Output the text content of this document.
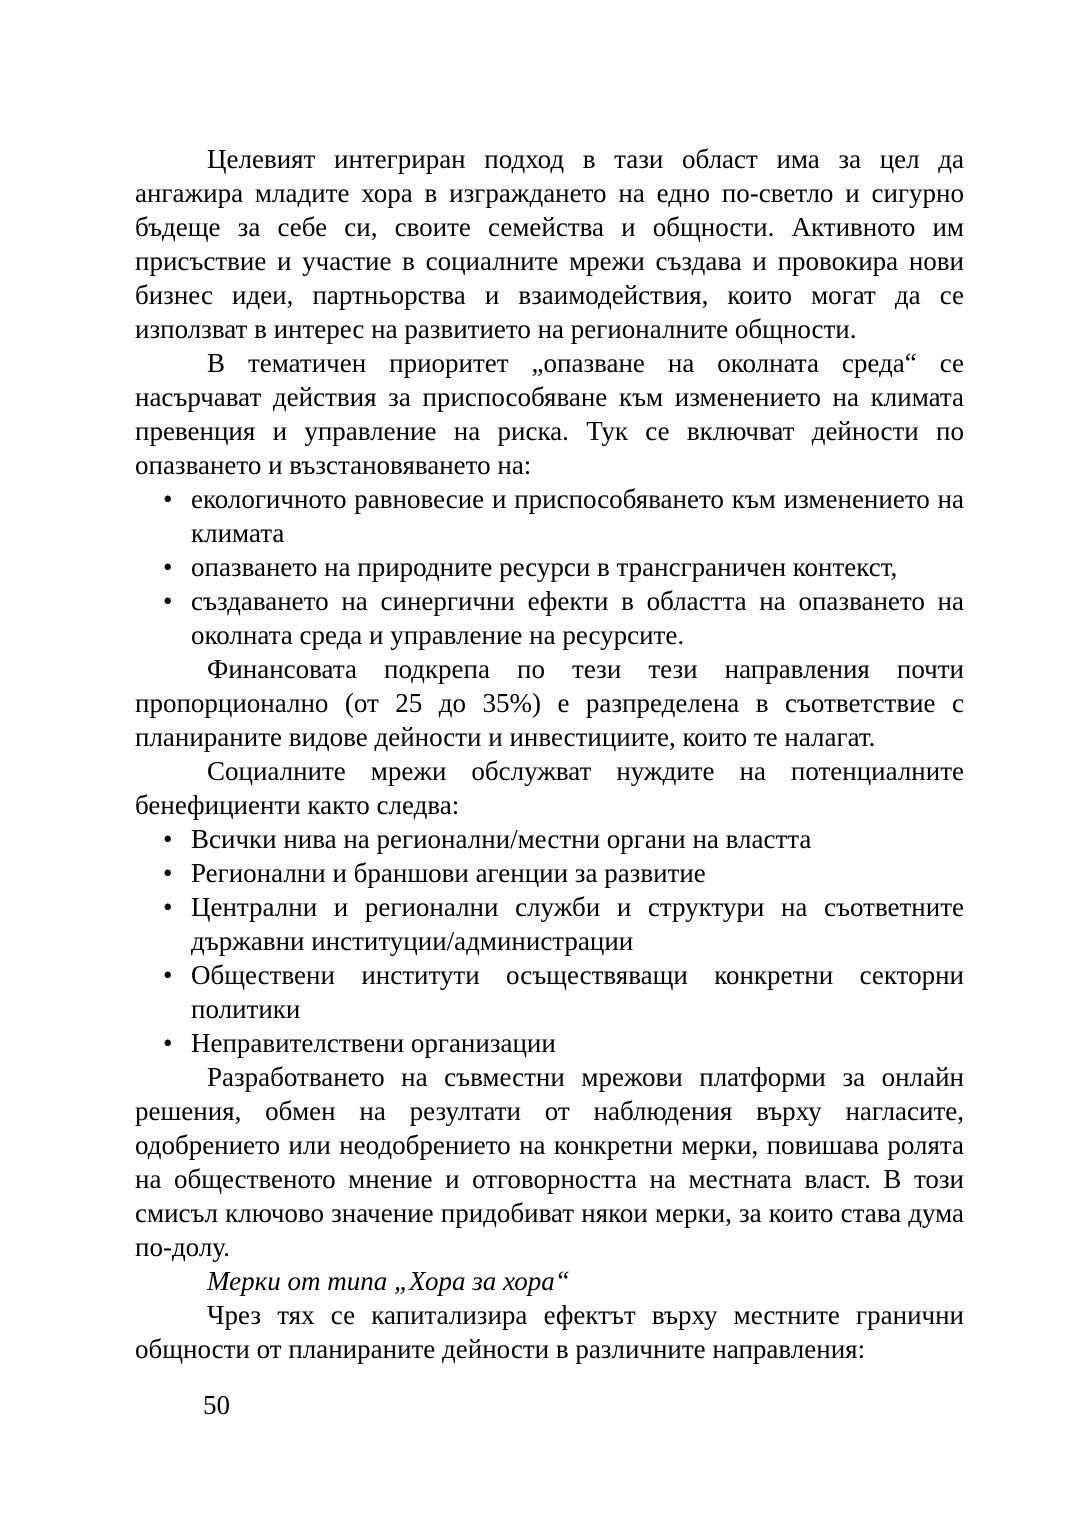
Целевият интегриран подход в тази област има за цел да ангажира младите хора в изграждането на едно по-светло и сигурно бъдеще за себе си, своите семейства и общности. Активното им присъствие и участие в социалните мрежи създава и провокира нови бизнес идеи, партньорства и взаимодействия, които могат да се използват в интерес на развитието на регионалните общности.

В тематичен приоритет „опазване на околната среда“ се насърчават действия за приспособяване към изменението на климата превенция и управление на риска. Тук се включват дейности по опазването и възстановяването на:

• екологичното равновесие и приспособяването към изменението на климата
• опазването на природните ресурси в трансграничен контекст,
• създаването на синергични ефекти в областта на опазването на околната среда и управление на ресурсите.

Финансовата подкрепа по тези тези направления почти пропорционално (от 25 до 35%) е разпределена в съответствие с планираните видове дейности и инвестициите, които те налагат.

Социалните мрежи обслужват нуждите на потенциалните бенефициенти както следва:

• Всички нива на регионални/местни органи на властта
• Регионални и браншови агенции за развитие
• Централни и регионални служби и структури на съответните държавни институции/администрации
• Обществени институти осъществяващи конкретни секторни политики
• Неправителствени организации

Разработването на съвместни мрежови платформи за онлайн решения, обмен на резултати от наблюдения върху нагласите, одобрението или неодобрението на конкретни мерки, повишава ролята на общественото мнение и отговорността на местната власт. В този смисъл ключово значение придобиват някои мерки, за които става дума по-долу.

Мерки от типа „Хора за хора“

Чрез тях се капитализира ефектът върху местните гранични общности от планираните дейности в различните направления:

50
